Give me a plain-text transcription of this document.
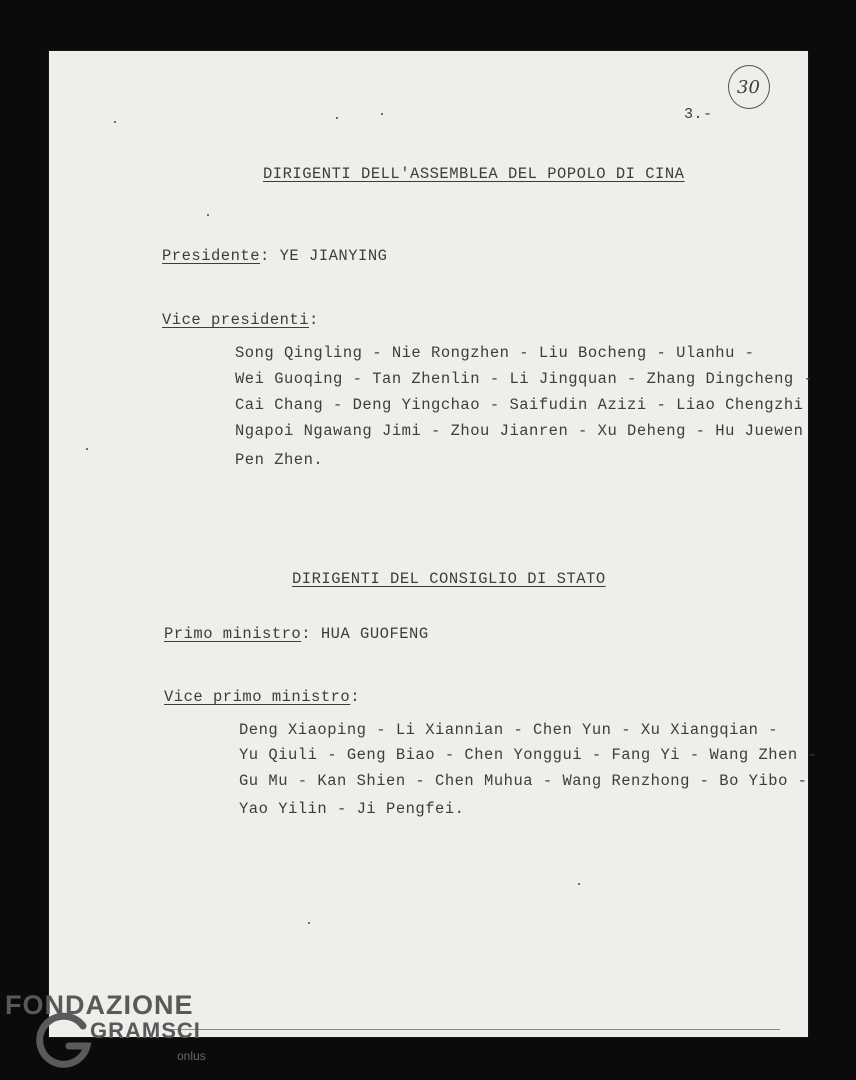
30
3.-
DIRIGENTI DELL'ASSEMBLEA DEL POPOLO DI CINA
Presidente: YE JIANYING
Vice presidenti:
Song Qingling - Nie Rongzhen - Liu Bocheng - Ulanhu -
Wei Guoqing - Tan Zhenlin - Li Jingquan - Zhang Dingcheng -
Cai Chang - Deng Yingchao - Saifudin Azizi - Liao Chengzhi
Ngapoi Ngawang Jimi - Zhou Jianren - Xu Deheng - Hu Juewen
Pen Zhen.
DIRIGENTI DEL CONSIGLIO DI STATO
Primo ministro: HUA GUOFENG
Vice primo ministro:
Deng Xiaoping - Li Xiannian - Chen Yun - Xu Xiangqian -
Yu Qiuli - Geng Biao - Chen Yonggui - Fang Yi - Wang Zhen -
Gu Mu - Kan Shien - Chen Muhua - Wang Renzhong - Bo Yibo -
Yao Yilin - Ji Pengfei.
FONDAZIONE
GRAMSCI
onlus
